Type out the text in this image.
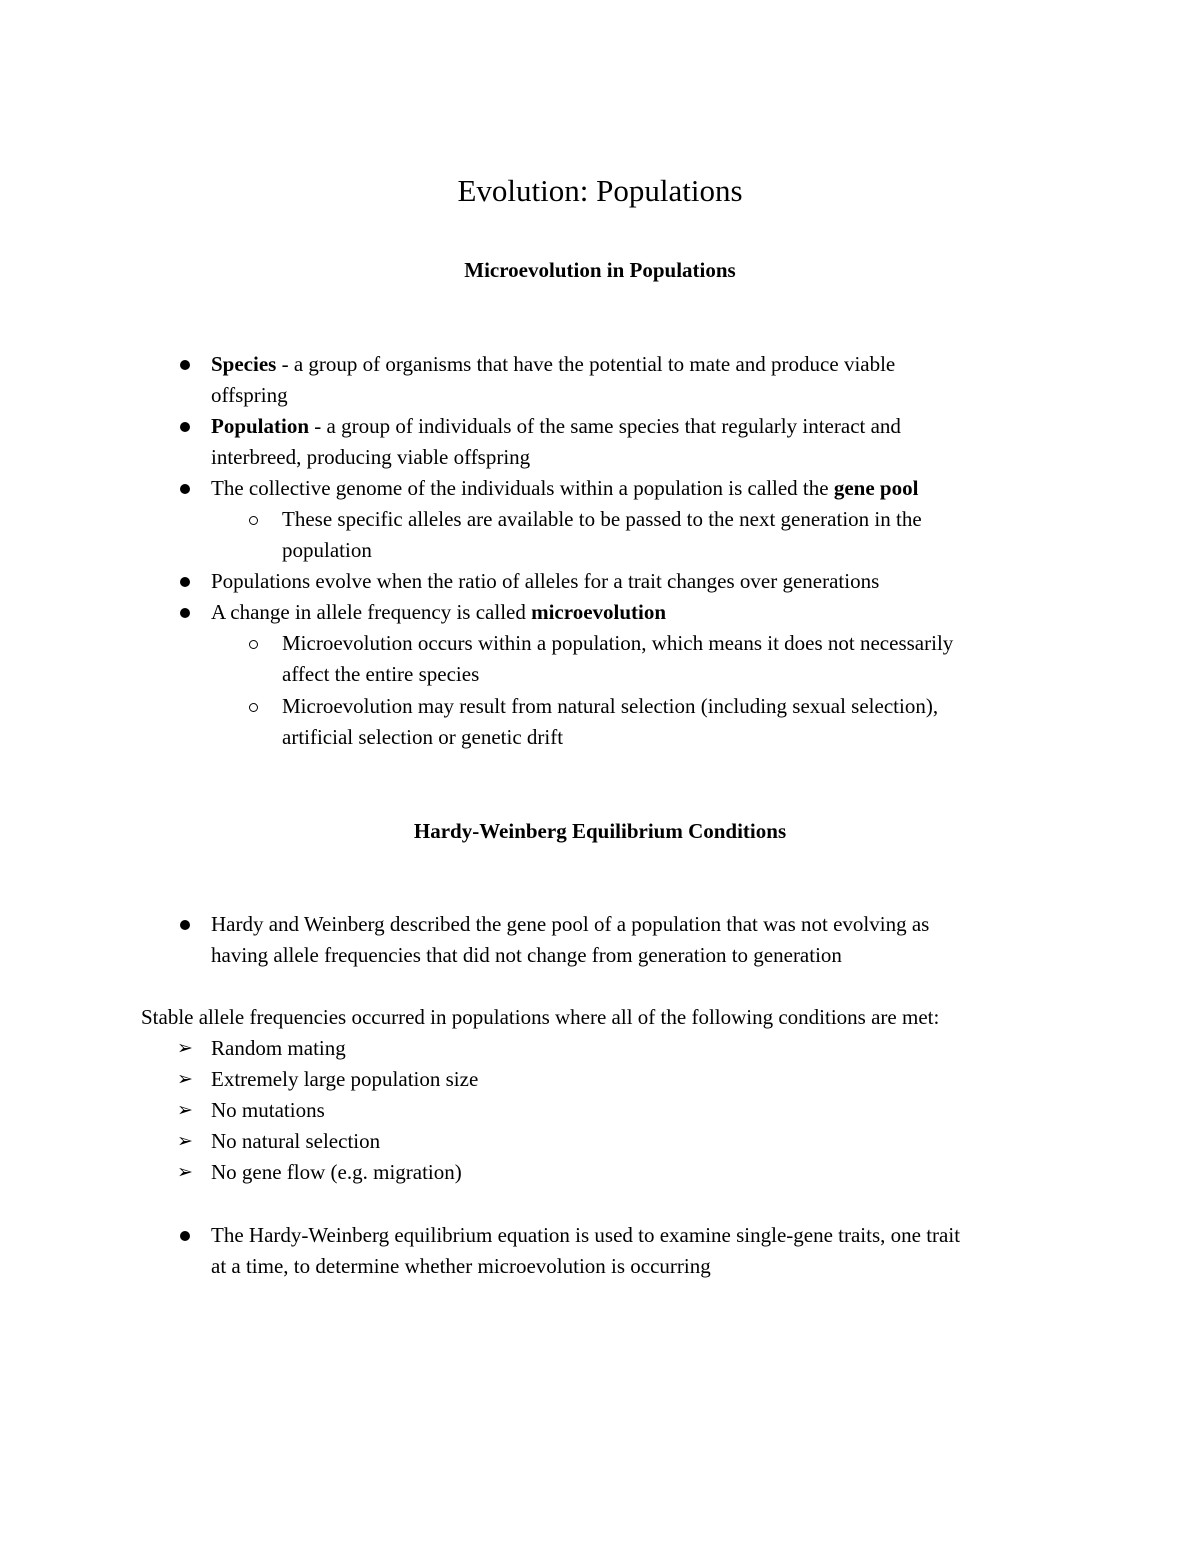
Evolution: Populations
Microevolution in Populations
Species - a group of organisms that have the potential to mate and produce viable
offspring
Population - a group of individuals of the same species that regularly interact and
interbreed, producing viable offspring
The collective genome of the individuals within a population is called the gene pool
These specific alleles are available to be passed to the next generation in the
population
Populations evolve when the ratio of alleles for a trait changes over generations
A change in allele frequency is called microevolution
Microevolution occurs within a population, which means it does not necessarily
affect the entire species
Microevolution may result from natural selection (including sexual selection),
artificial selection or genetic drift
Hardy-Weinberg Equilibrium Conditions
Hardy and Weinberg described the gene pool of a population that was not evolving as
having allele frequencies that did not change from generation to generation

Stable allele frequencies occurred in populations where all of the following conditions are met:

➢ Random mating
➢ Extremely large population size
➢ No mutations
➢ No natural selection
➢ No gene flow (e.g. migration)
The Hardy-Weinberg equilibrium equation is used to examine single-gene traits, one trait
at a time, to determine whether microevolution is occurring
